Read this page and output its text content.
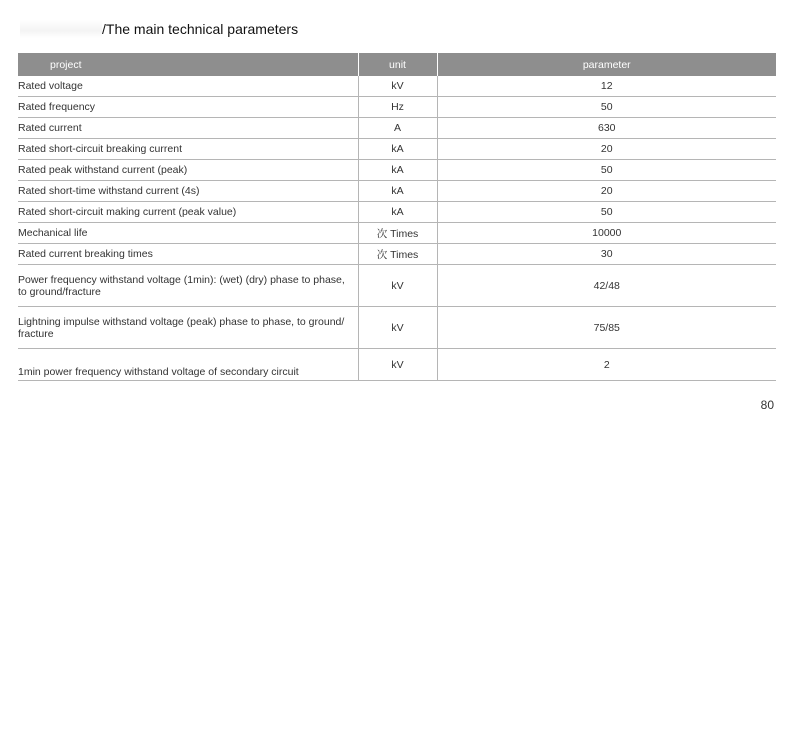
/The main technical parameters
project	unit	parameter
Rated voltage	kV	12
Rated frequency	Hz	50
Rated current	A	630
Rated short-circuit breaking current	kA	20
Rated peak withstand current (peak)	kA	50
Rated short-time withstand current (4s)	kA	20
Rated short-circuit making current (peak value)	kA	50
Mechanical life	次 Times	10000
Rated current breaking times	次 Times	30
Power frequency withstand voltage (1min): (wet) (dry) phase to phase, to ground/fracture	kV	42/48
Lightning impulse withstand voltage (peak) phase to phase, to ground/ fracture	kV	75/85
1min power frequency withstand voltage of secondary circuit	kV	2
80
